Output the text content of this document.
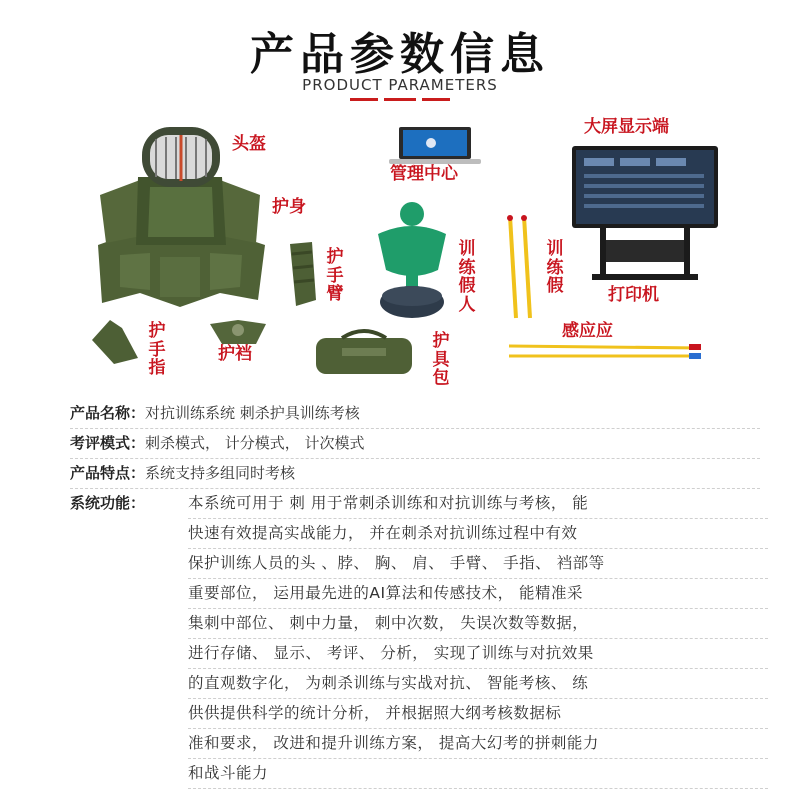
产品参数信息
PRODUCT PARAMETERS
头盔
护身
护手臂
护手指
护裆
护具包
管理中心
训练假人
训练假
大屏显示端
打印机
感应应
产品名称：对抗训练系统 刺杀护具训练考核
考评模式：刺杀模式， 计分模式， 计次模式
产品特点：系统支持多组同时考核
系统功能：	本系统可用于 刺 用于常刺杀训练和对抗训练与考核， 能
快速有效提高实战能力， 并在刺杀对抗训练过程中有效
保护训练人员的头 、脖、 胸、 肩、 手臂、 手指、 裆部等
重要部位， 运用最先进的AI算法和传感技术， 能精准采
集刺中部位、 刺中力量， 刺中次数， 失误次数等数据，
进行存储、 显示、 考评、 分析， 实现了训练与对抗效果
的直观数字化， 为刺杀训练与实战对抗、 智能考核、 练
供供提供科学的统计分析， 并根据照大纲考核数据标
准和要求， 改进和提升训练方案， 提高大幻考的拼刺能力
和战斗能力
